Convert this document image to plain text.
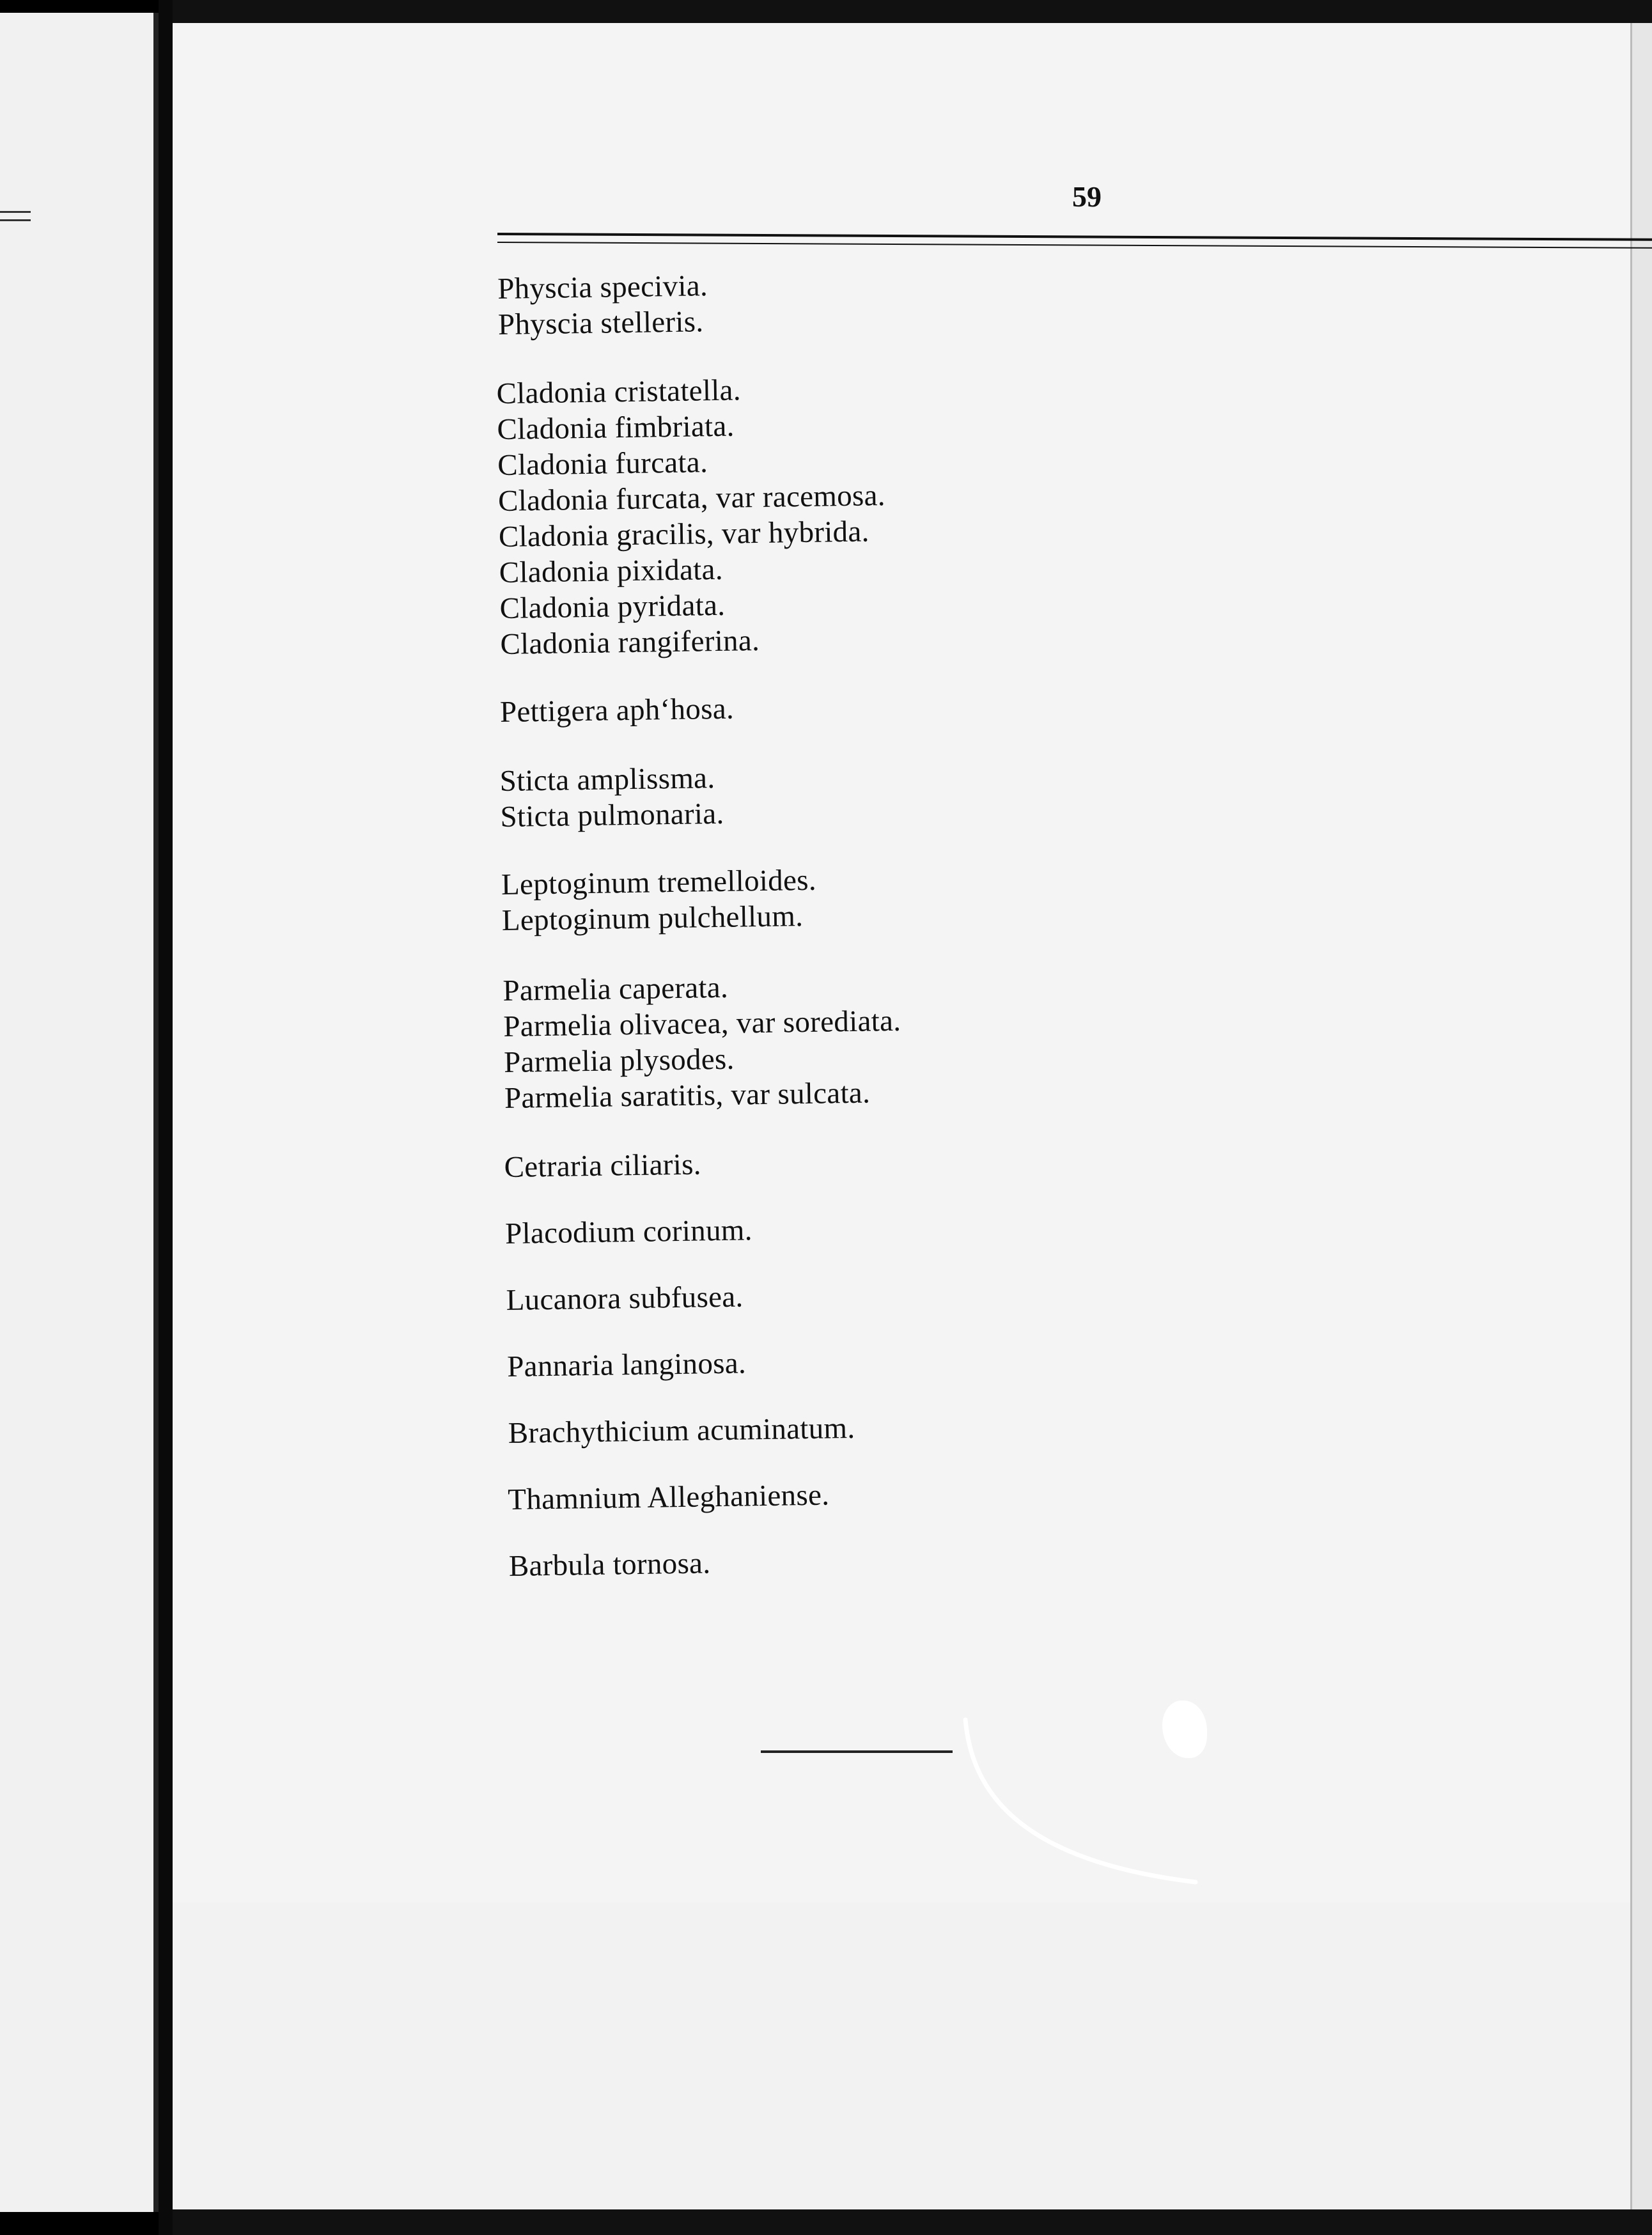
59
Physcia specivia.
Physcia stelleris.
Cladonia cristatella.
Cladonia fimbriata.
Cladonia furcata.
Cladonia furcata, var racemosa.
Cladonia gracilis, var hybrida.
Cladonia pixidata.
Cladonia pyridata.
Cladonia rangiferina.
Pettigera aph‘hosa.
Sticta amplissma.
Sticta pulmonaria.
Leptoginum tremelloides.
Leptoginum pulchellum.
Parmelia caperata.
Parmelia olivacea, var sorediata.
Parmelia plysodes.
Parmelia saratitis, var sulcata.
Cetraria ciliaris.
Placodium corinum.
Lucanora subfusea.
Pannaria langinosa.
Brachythicium acuminatum.
Thamnium Alleghaniense.
Barbula tornosa.
